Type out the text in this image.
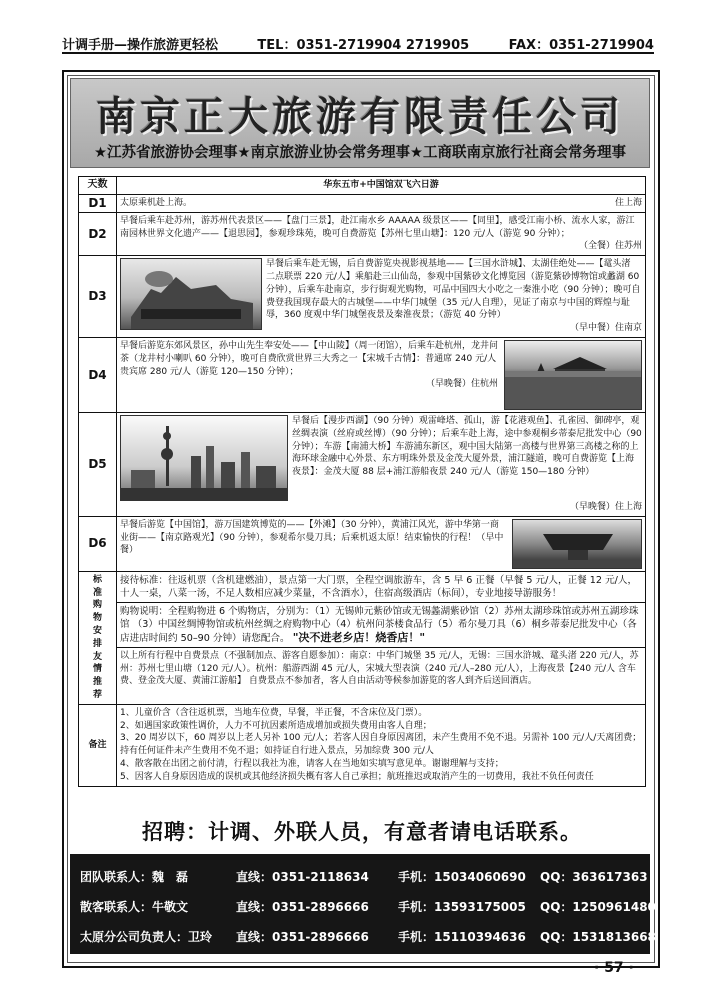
计调手册—操作旅游更轻松	TEL：0351-2719904 2719905	FAX：0351-2719904
南京正大旅游有限责任公司
★江苏省旅游协会理事★南京旅游业协会常务理事★工商联南京旅行社商会常务理事
天数	华东五市+中国馆双飞六日游
D1	太原乘机赴上海。 住上海

D2	早餐后乘车赴苏州，游苏州代表景区——【盘门三景】，赴江南水乡 AAAAA 级景区——【同里】，感受江南小桥、流水人家，游江南园林世界文化遗产——【退思园】，参观珍珠苑，晚可自费游览【苏州七里山塘】：120 元/人（游览 90 分钟）；
（全餐）住苏州

D3	早餐后乘车赴无锡，后自费游览央视影视基地——【三国水浒城】、太湖佳绝处——【鼋头渚 二点联票 220 元/人】乘船赴三山仙岛，参观中国紫砂文化博览园（游览紫砂博物馆或蠡湖 60 分钟），后乘车赴南京，步行街观光购物，可品中国四大小吃之一秦淮小吃（90 分钟）；晚可自费登我国现存最大的古城堡——中华门城堡（35 元/人自理），见证了南京与中国的辉煌与耻辱，360 度观中华门城堡夜景及秦淮夜景；（游览 40 分钟）
（早中餐）住南京

D4	早餐后游览东郊风景区，孙中山先生奉安处——【中山陵】（周一闭馆），后乘车赴杭州，龙井问茶（龙井村小喇叭 60 分钟），晚可自费欣赏世界三大秀之一【宋城千古情】：普通席 240 元/人 贵宾席 280 元/人（游览 120—150 分钟）；
（早晚餐）住杭州

D5	早餐后【漫步西湖】（90 分钟）观雷峰塔、孤山，游【花港观鱼】、孔雀园、御碑亭，观丝绸表演（丝府或丝博）（90 分钟）；后乘车赴上海，途中参观桐乡蒂泰尼批发中心（90 分钟）；车游【南浦大桥】车游浦东新区，观中国大陆第一高楼与世界第三高楼之称的上海环球金融中心外景、东方明珠外景及金茂大厦外景，浦江隧道，晚可自费游览【上海夜景】：金茂大厦 88 层+浦江游船夜景 240 元/人（游览 150—180 分钟）
（早晚餐）住上海

D6	早餐后游览【中国馆】，游万国建筑博览的——【外滩】（30 分钟），黄浦江风光，游中华第一商业街——【南京路观光】（90 分钟），参观希尔曼刀具；后乘机返太原！结束愉快的行程！（早中餐）

标准购物安排友情推荐	接待标准：往返机票（含机建燃油），景点第一大门票，全程空调旅游车，含 5 早 6 正餐（早餐 5 元/人，正餐 12 元/人，十人一桌，八菜一汤，不足人数相应减少菜量，不含酒水），住宿高级酒店（标间），专业地接导游服务！
购物说明：全程购物进 6 个购物店，分别为：（1）无锡帅元紫砂馆或无锡蠡湖紫砂馆（2）苏州太湖珍珠馆或苏州五湖珍珠馆 （3）中国丝绸博物馆或杭州丝绸之府购物中心（4）杭州问茶楼食品行（5）希尔曼刀具（6）桐乡蒂泰尼批发中心（各店进店时间约 50–90 分钟）请您配合。 "决不进老乡店！烧香店！"
以上所有行程中自费景点（不强制加点、游客自愿参加）：南京：中华门城堡 35 元/人，无锡：三国水浒城、鼋头渚 220 元/人，苏州：苏州七里山塘（120 元/人）。杭州：船游西湖 45 元/人，宋城大型表演（240 元/人–280 元/人），上海夜景【240 元/人 含车费、登金茂大厦、黄浦江游船】 自费景点不参加者，客人自由活动等候参加游览的客人到齐后送回酒店。

备注	1、儿童价含（含往返机票，当地车位费，早餐，半正餐，不含床位及门票）。
2、如遇国家政策性调价，人力不可抗因素所造成增加或损失费用由客人自理；
3、20 周岁以下，60 周岁以上老人另补 100 元/人；若客人因自身原因离团，未产生费用不免不退。另需补 100 元/人/天离团费；持有任何证件未产生费用不免不退；如持证自行进入景点，另加综费 300 元/人
4、散客散在出团之前付清，行程以我社为准，请客人在当地如实填写意见单。谢谢理解与支持；
5、因客人自身原因造成的误机或其他经济损失概有客人自己承担；航班推迟或取消产生的一切费用，我社不负任何责任
招聘：计调、外联人员，有意者请电话联系。
团队联系人：魏　磊	直线：0351-2118634 手机：15034060690 QQ：363617363
散客联系人：牛敬文	直线：0351-2896666 手机：13593175005 QQ：1250961480
太原分公司负责人：卫玲 直线：0351-2896666 手机：15110394636 QQ：1531813668
· 57 ·
